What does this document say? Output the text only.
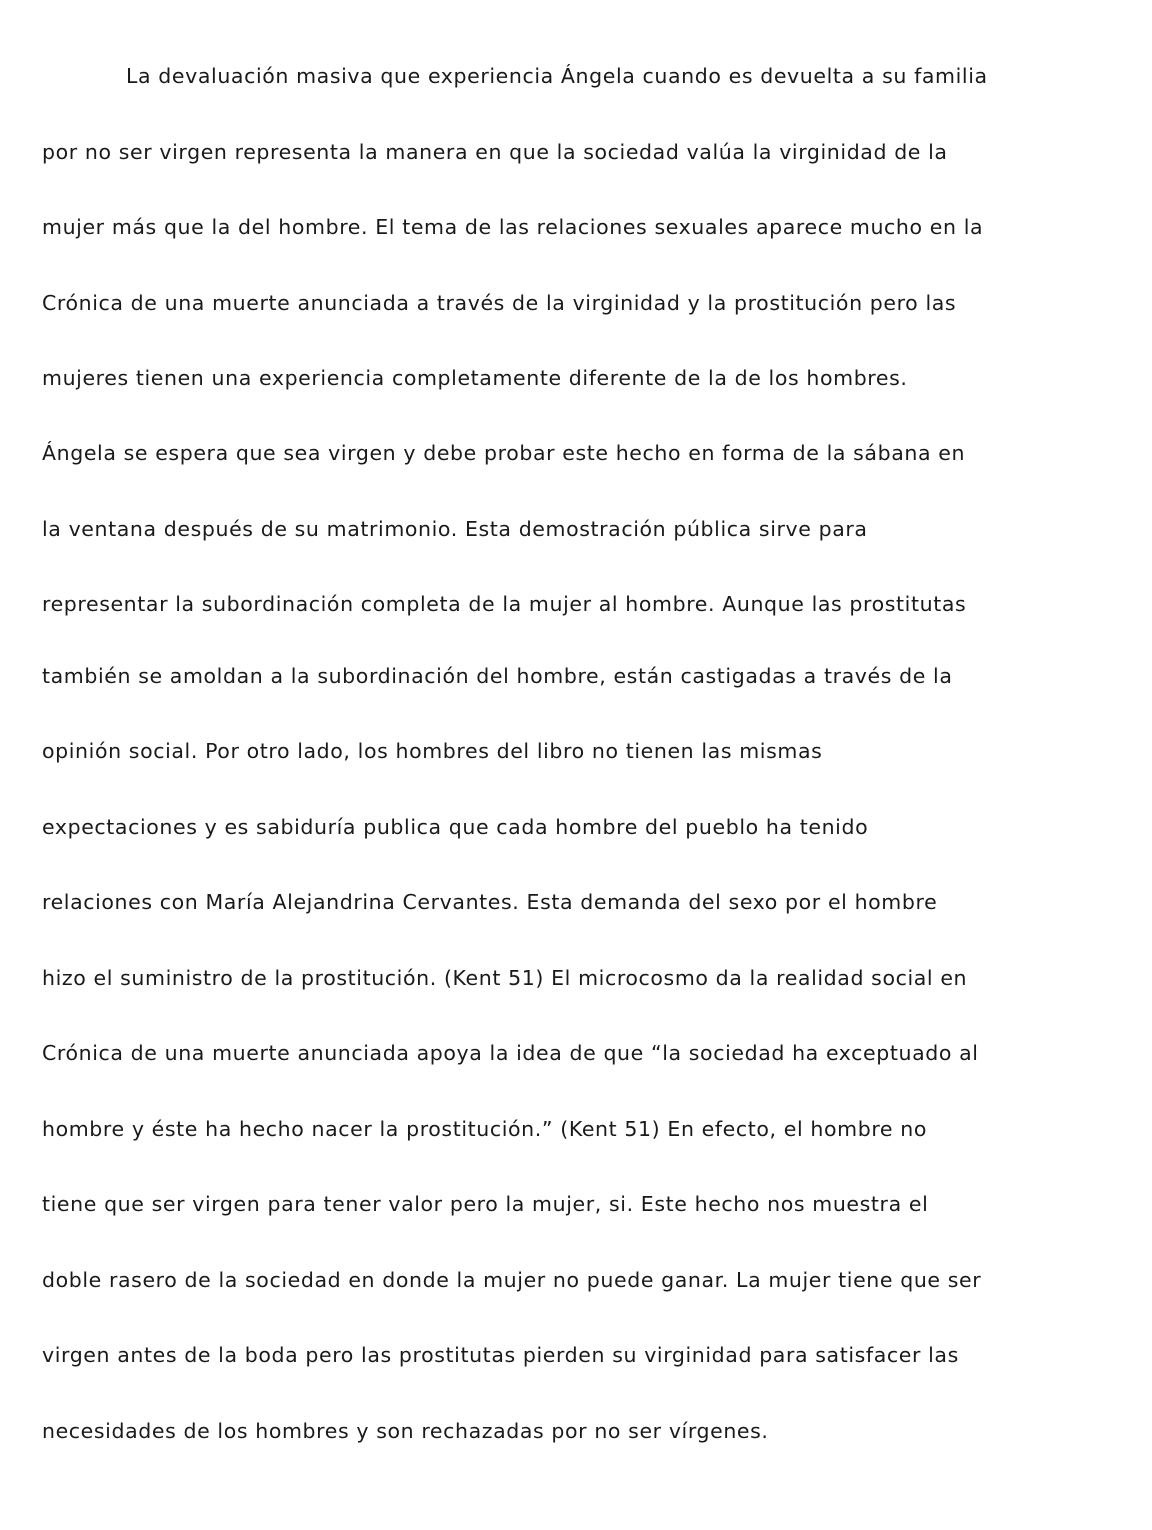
La devaluación masiva que experiencia Ángela cuando es devuelta a su familia

por no ser virgen representa la manera en que la sociedad valúa la virginidad de la

mujer más que la del hombre. El tema de las relaciones sexuales aparece mucho en la

Crónica de una muerte anunciada a través de la virginidad y la prostitución pero las

mujeres tienen una experiencia completamente diferente de la de los hombres.

Ángela se espera que sea virgen y debe probar este hecho en forma de la sábana en

la ventana después de su matrimonio. Esta demostración pública sirve para

representar la subordinación completa de la mujer al hombre. Aunque las prostitutas

también se amoldan a la subordinación del hombre, están castigadas a través de la

opinión social. Por otro lado, los hombres del libro no tienen las mismas

expectaciones y es sabiduría publica que cada hombre del pueblo ha tenido

relaciones con María Alejandrina Cervantes. Esta demanda del sexo por el hombre

hizo el suministro de la prostitución. (Kent 51) El microcosmo da la realidad social en

Crónica de una muerte anunciada apoya la idea de que “la sociedad ha exceptuado al

hombre y éste ha hecho nacer la prostitución.” (Kent 51) En efecto, el hombre no

tiene que ser virgen para tener valor pero la mujer, si. Este hecho nos muestra el

doble rasero de la sociedad en donde la mujer no puede ganar. La mujer tiene que ser

virgen antes de la boda pero las prostitutas pierden su virginidad para satisfacer las

necesidades de los hombres y son rechazadas por no ser vírgenes.
